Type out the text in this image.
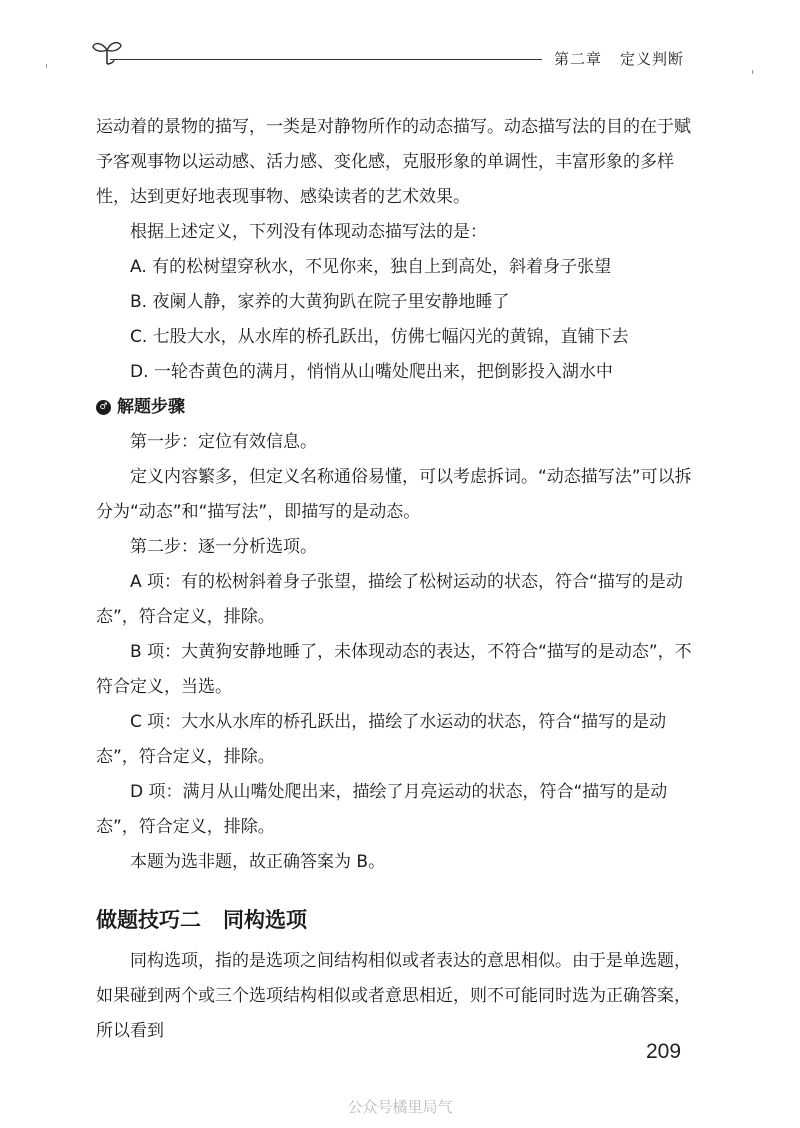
第二章 定义判断

运动着的景物的描写，一类是对静物所作的动态描写。动态描写法的目的在于赋予客观事物以运动感、活力感、变化感，克服形象的单调性，丰富形象的多样性，达到更好地表现事物、感染读者的艺术效果。

根据上述定义，下列没有体现动态描写法的是：

A. 有的松树望穿秋水，不见你来，独自上到高处，斜着身子张望

B. 夜阑人静，家养的大黄狗趴在院子里安静地睡了

C. 七股大水，从水库的桥孔跃出，仿佛七幅闪光的黄锦，直铺下去

D. 一轮杏黄色的满月，悄悄从山嘴处爬出来，把倒影投入湖水中

♂ 解题步骤

第一步：定位有效信息。

定义内容繁多，但定义名称通俗易懂，可以考虑拆词。“动态描写法”可以拆分为“动态”和“描写法”，即描写的是动态。

第二步：逐一分析选项。

A 项：有的松树斜着身子张望，描绘了松树运动的状态，符合“描写的是动态”，符合定义，排除。

B 项：大黄狗安静地睡了，未体现动态的表达，不符合“描写的是动态”，不符合定义，当选。

C 项：大水从水库的桥孔跃出，描绘了水运动的状态，符合“描写的是动态”，符合定义，排除。

D 项：满月从山嘴处爬出来，描绘了月亮运动的状态，符合“描写的是动态”，符合定义，排除。

本题为选非题，故正确答案为 B。

做题技巧二 同构选项

同构选项，指的是选项之间结构相似或者表达的意思相似。由于是单选题，如果碰到两个或三个选项结构相似或者意思相近，则不可能同时选为正确答案，所以看到

209
公众号橘里局气
